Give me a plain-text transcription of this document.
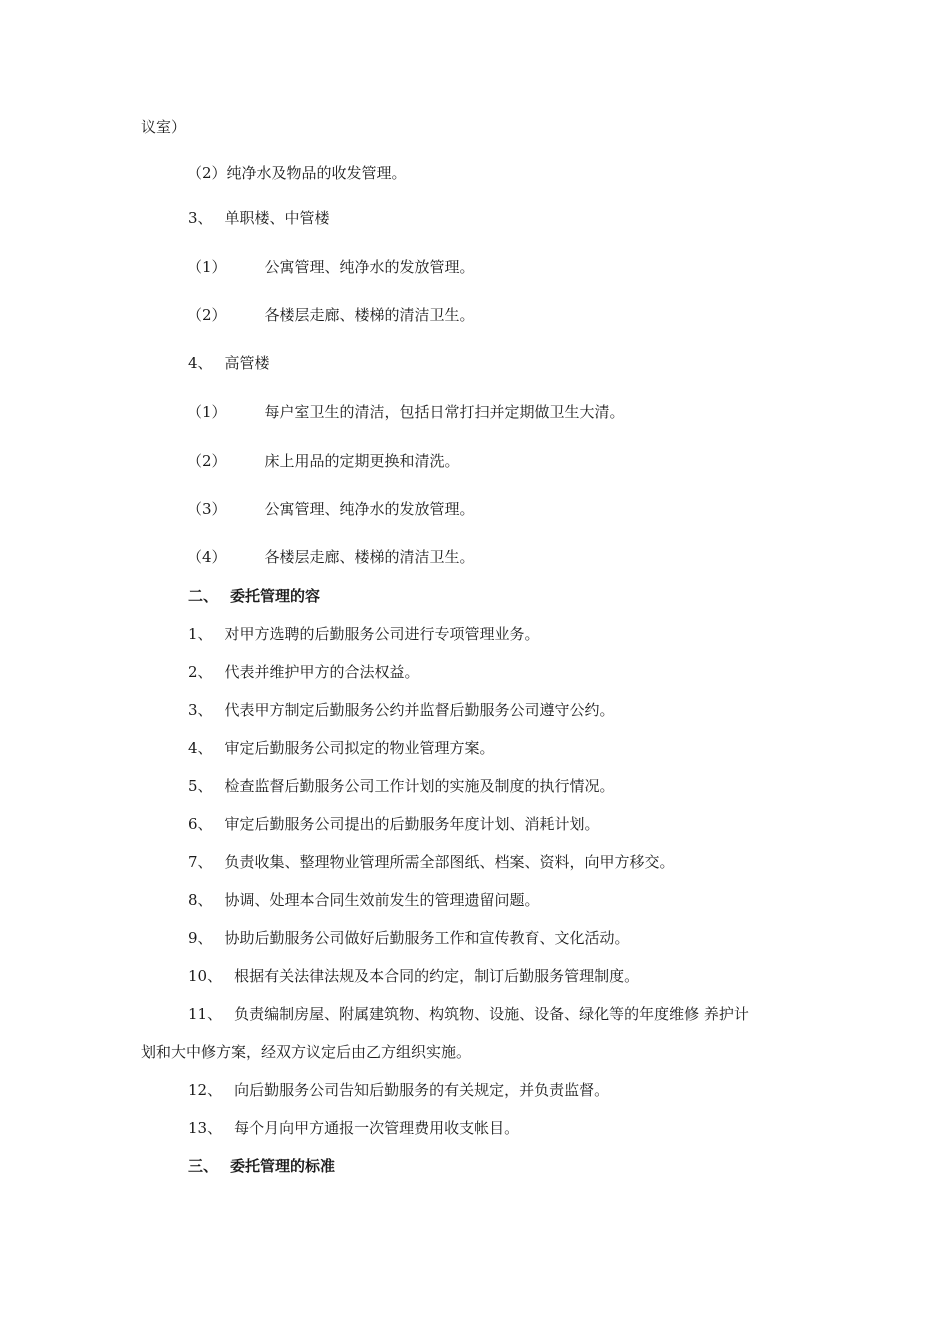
议室）
（2）纯净水及物品的收发管理。
3、 单职楼、中管楼
（1）	公寓管理、纯净水的发放管理。
（2）	各楼层走廊、楼梯的清洁卫生。
4、 高管楼
（1）	每户室卫生的清洁，包括日常打扫并定期做卫生大清。
（2）	床上用品的定期更换和清洗。
（3）	公寓管理、纯净水的发放管理。
（4）	各楼层走廊、楼梯的清洁卫生。
二、 委托管理的容
1、 对甲方选聘的后勤服务公司进行专项管理业务。
2、 代表并维护甲方的合法权益。
3、 代表甲方制定后勤服务公约并监督后勤服务公司遵守公约。
4、 审定后勤服务公司拟定的物业管理方案。
5、 检查监督后勤服务公司工作计划的实施及制度的执行情况。
6、 审定后勤服务公司提出的后勤服务年度计划、消耗计划。
7、 负责收集、整理物业管理所需全部图纸、档案、资料，向甲方移交。
8、 协调、处理本合同生效前发生的管理遗留问题。
9、 协助后勤服务公司做好后勤服务工作和宣传教育、文化活动。
10、 根据有关法律法规及本合同的约定，制订后勤服务管理制度。
11、 负责编制房屋、附属建筑物、构筑物、设施、设备、绿化等的年度维修 养护计
划和大中修方案，经双方议定后由乙方组织实施。
12、 向后勤服务公司告知后勤服务的有关规定，并负责监督。
13、 每个月向甲方通报一次管理费用收支帐目。
三、 委托管理的标准
